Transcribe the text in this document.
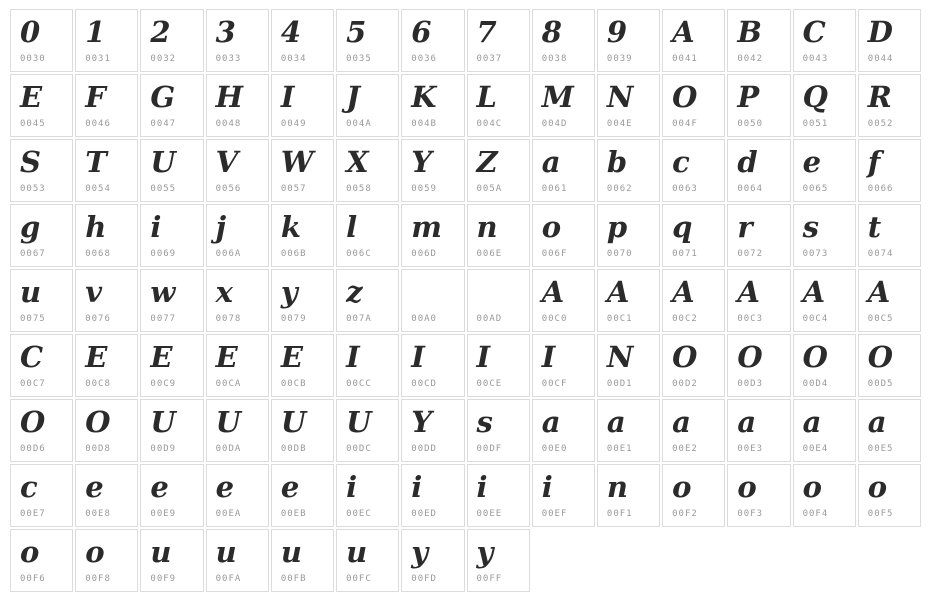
0
0030
1
0031
2
0032
3
0033
4
0034
5
0035
6
0036
7
0037
8
0038
9
0039
A
0041
B
0042
C
0043
D
0044
E
0045
F
0046
G
0047
H
0048
I
0049
J
004A
K
004B
L
004C
M
004D
N
004E
O
004F
P
0050
Q
0051
R
0052
S
0053
T
0054
U
0055
V
0056
W
0057
X
0058
Y
0059
Z
005A
a
0061
b
0062
c
0063
d
0064
e
0065
f
0066
g
0067
h
0068
i
0069
j
006A
k
006B
l
006C
m
006D
n
006E
o
006F
p
0070
q
0071
r
0072
s
0073
t
0074
u
0075
v
0076
w
0077
x
0078
y
0079
z
007A	00A0	00AD
A
00C0
A
00C1
A
00C2
A
00C3
A
00C4
A
00C5
C
00C7
E
00C8
E
00C9
E
00CA
E
00CB
I
00CC
I
00CD
I
00CE
I
00CF
N
00D1
O
00D2
O
00D3
O
00D4
O
00D5
O
00D6
O
00D8
U
00D9
U
00DA
U
00DB
U
00DC
Y
00DD
s
00DF
a
00E0
a
00E1
a
00E2
a
00E3
a
00E4
a
00E5
c
00E7
e
00E8
e
00E9
e
00EA
e
00EB
i
00EC
i
00ED
i
00EE
i
00EF
n
00F1
o
00F2
o
00F3
o
00F4
o
00F5
o
00F6
o
00F8
u
00F9
u
00FA
u
00FB
u
00FC
y
00FD
y
00FF
